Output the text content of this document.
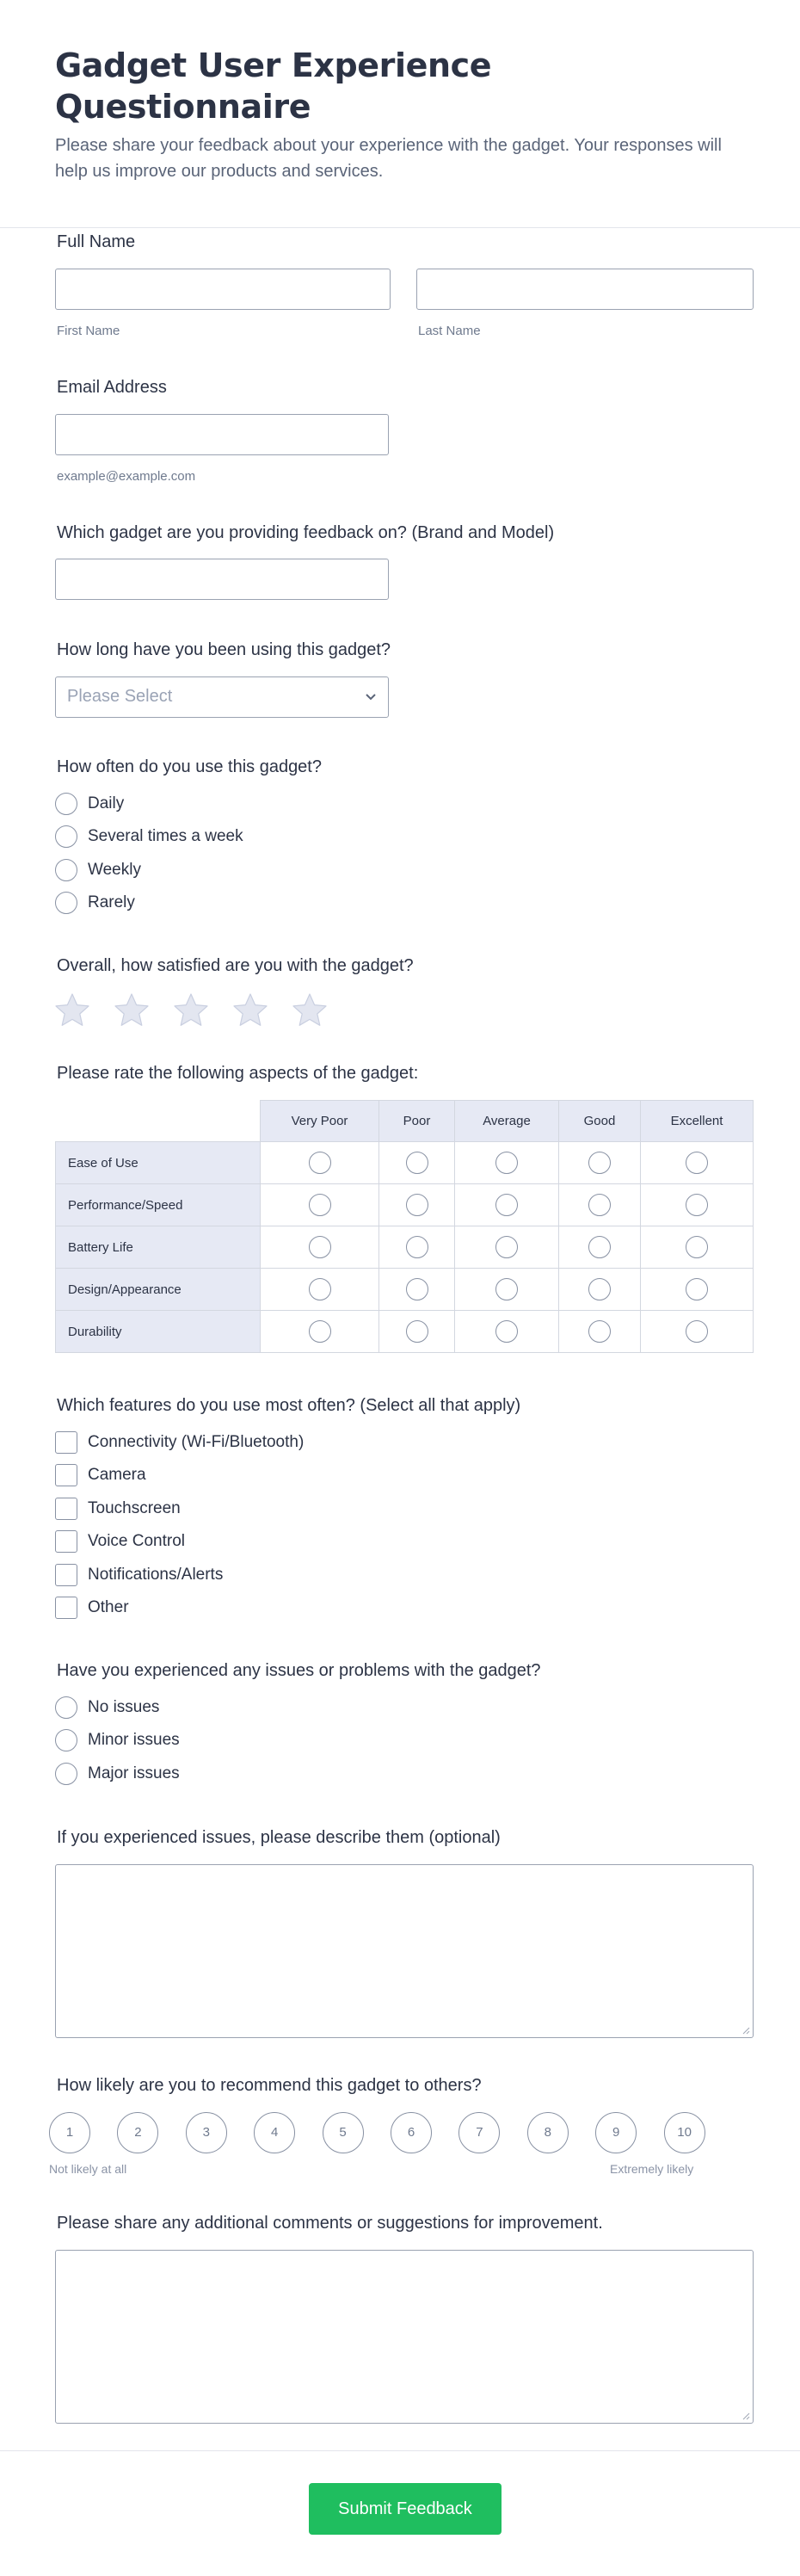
Gadget User Experience Questionnaire

Please share your feedback about your experience with the gadget. Your responses will help us improve our products and services.

Full Name
First Name	Last Name
Email Address
example@example.com
Which gadget are you providing feedback on? (Brand and Model)
How long have you been using this gadget?
Please Select
How often do you use this gadget?
Daily
Several times a week
Weekly
Rarely
Overall, how satisfied are you with the gadget?
Please rate the following aspects of the gadget:
	Very Poor	Poor	Average	Good	Excellent
Ease of Use					
Performance/Speed					
Battery Life					
Design/Appearance					
Durability					
Which features do you use most often? (Select all that apply)
Connectivity (Wi-Fi/Bluetooth)
Camera
Touchscreen
Voice Control
Notifications/Alerts
Other
Have you experienced any issues or problems with the gadget?
No issues
Minor issues
Major issues
If you experienced issues, please describe them (optional)
How likely are you to recommend this gadget to others?
1	2	3	4	5	6	7	8	9	10
Not likely at all	Extremely likely
Please share any additional comments or suggestions for improvement.
Submit Feedback
